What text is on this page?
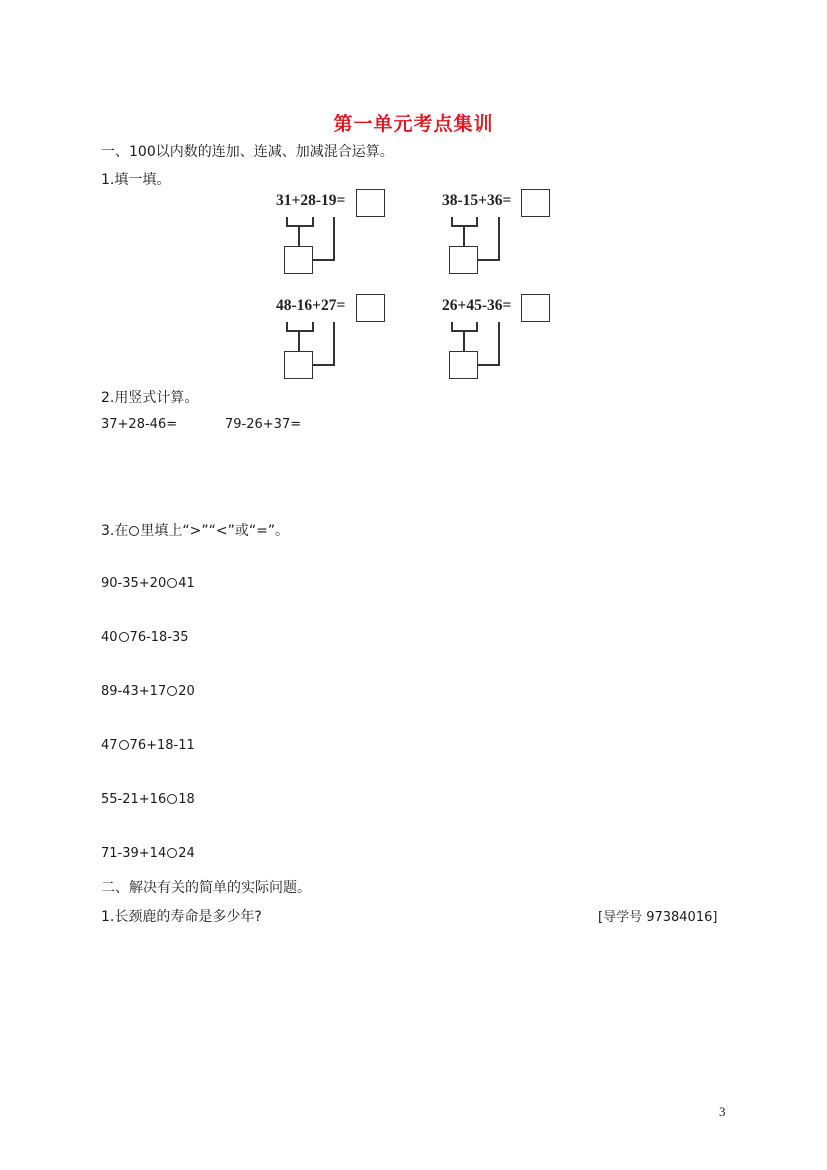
第一单元考点集训
一、100以内数的连加、连减、加减混合运算。
1.填一填。
31+28-19=	38-15+36=
48-16+27=	26+45-36=
2.用竖式计算。
37+28-46=	79-26+37=
3.在 里填上“>”“<”或“=”。
90-35+20 41
40 76-18-35
89-43+17 20
47 76+18-11
55-21+16 18
71-39+14 24
二、解决有关的简单的实际问题。
1.长颈鹿的寿命是多少年?	[导学号 97384016]
3
